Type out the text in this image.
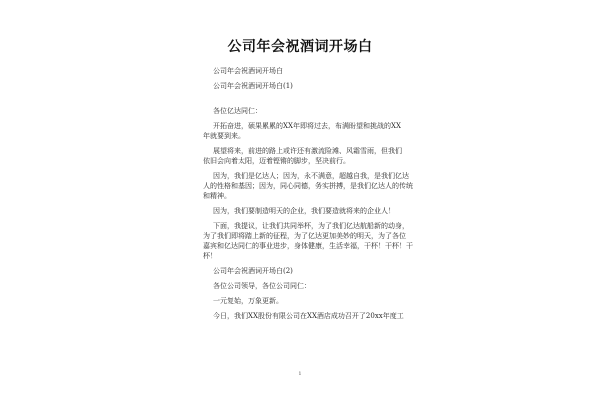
公司年会祝酒词开场白
公司年会祝酒词开场白
公司年会祝酒词开场白(1)
各位亿达同仁：
开拓奋进，硕果累累的XX年即将过去，布满盼望和挑战的XX
年就要到来。
展望将来，前进的路上或许还有激流险滩、风霜雪雨，但我们
依旧会向着太阳，迈着铿锵的脚步，坚决前行。
因为，我们是亿达人；因为，永不满意，超越自我，是我们亿达
人的性格和基因；因为，同心同德，务实拼搏，是我们亿达人的传统
和精神。
因为，我们要制造明天的企业，我们要造就将来的企业人！
下面，我提议，让我们共同举杯，为了我们亿达航船新的动身，
为了我们即将踏上新的征程，为了亿达更加美妙的明天，为了各位
嘉宾和亿达同仁的事业进步，身体健康，生活幸福，干杯！干杯！干
杯！
公司年会祝酒词开场白(2)
各位公司领导，各位公司同仁：
一元复始，万象更新。
今日，我们XX股份有限公司在XX酒店成功召开了20xx年度工
1
